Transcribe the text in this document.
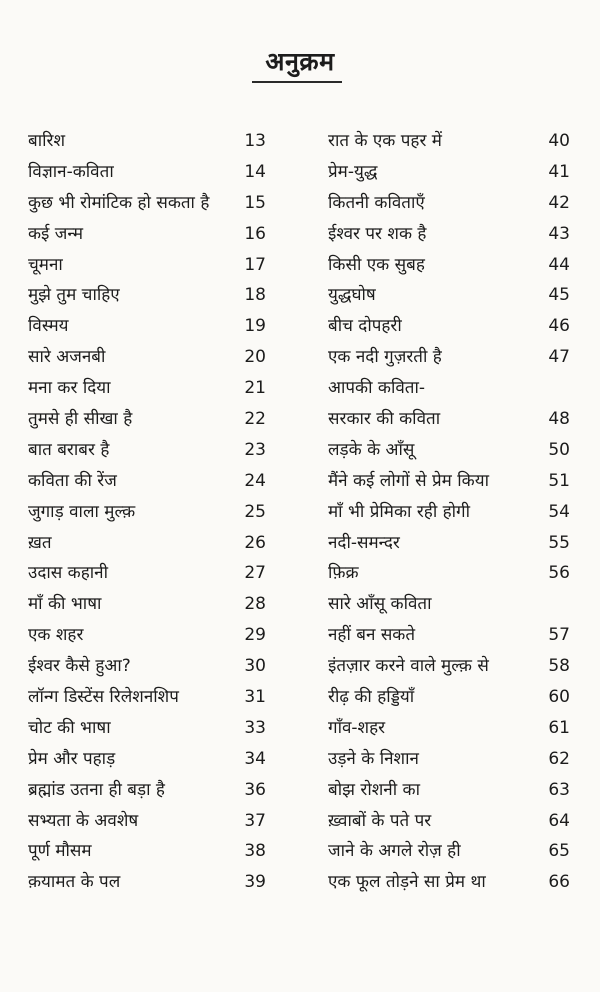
अनुक्रम
बारिश	13
विज्ञान-कविता	14
कुछ भी रोमांटिक हो सकता है 15
कई जन्म	16
चूमना	17
मुझे तुम चाहिए	18
विस्मय	19
सारे अजनबी	20
मना कर दिया	21
तुमसे ही सीखा है	22
बात बराबर है	23
कविता की रेंज	24
जुगाड़ वाला मुल्क़	25
ख़त	26
उदास कहानी	27
माँ की भाषा	28
एक शहर	29
ईश्वर कैसे हुआ?	30
लॉन्ग डिस्टेंस रिलेशनशिप	31
चोट की भाषा	33
प्रेम और पहाड़	34
ब्रह्मांड उतना ही बड़ा है	36
सभ्यता के अवशेष	37
पूर्ण मौसम	38
क़यामत के पल	39
रात के एक पहर में	40
प्रेम-युद्ध	41
कितनी कविताएँ	42
ईश्वर पर शक है	43
किसी एक सुबह	44
युद्धघोष	45
बीच दोपहरी	46
एक नदी गुज़रती है	47
आपकी कविता-
सरकार की कविता	48
लड़के के आँसू	50
मैंने कई लोगों से प्रेम किया	51
माँ भी प्रेमिका रही होगी	54
नदी-समन्दर	55
फ़िक्र	56
सारे आँसू कविता
नहीं बन सकते	57
इंतज़ार करने वाले मुल्क़ से	58
रीढ़ की हड्डियाँ	60
गाँव-शहर	61
उड़ने के निशान	62
बोझ रोशनी का	63
ख़्वाबों के पते पर	64
जाने के अगले रोज़ ही	65
एक फूल तोड़ने सा प्रेम था	66
